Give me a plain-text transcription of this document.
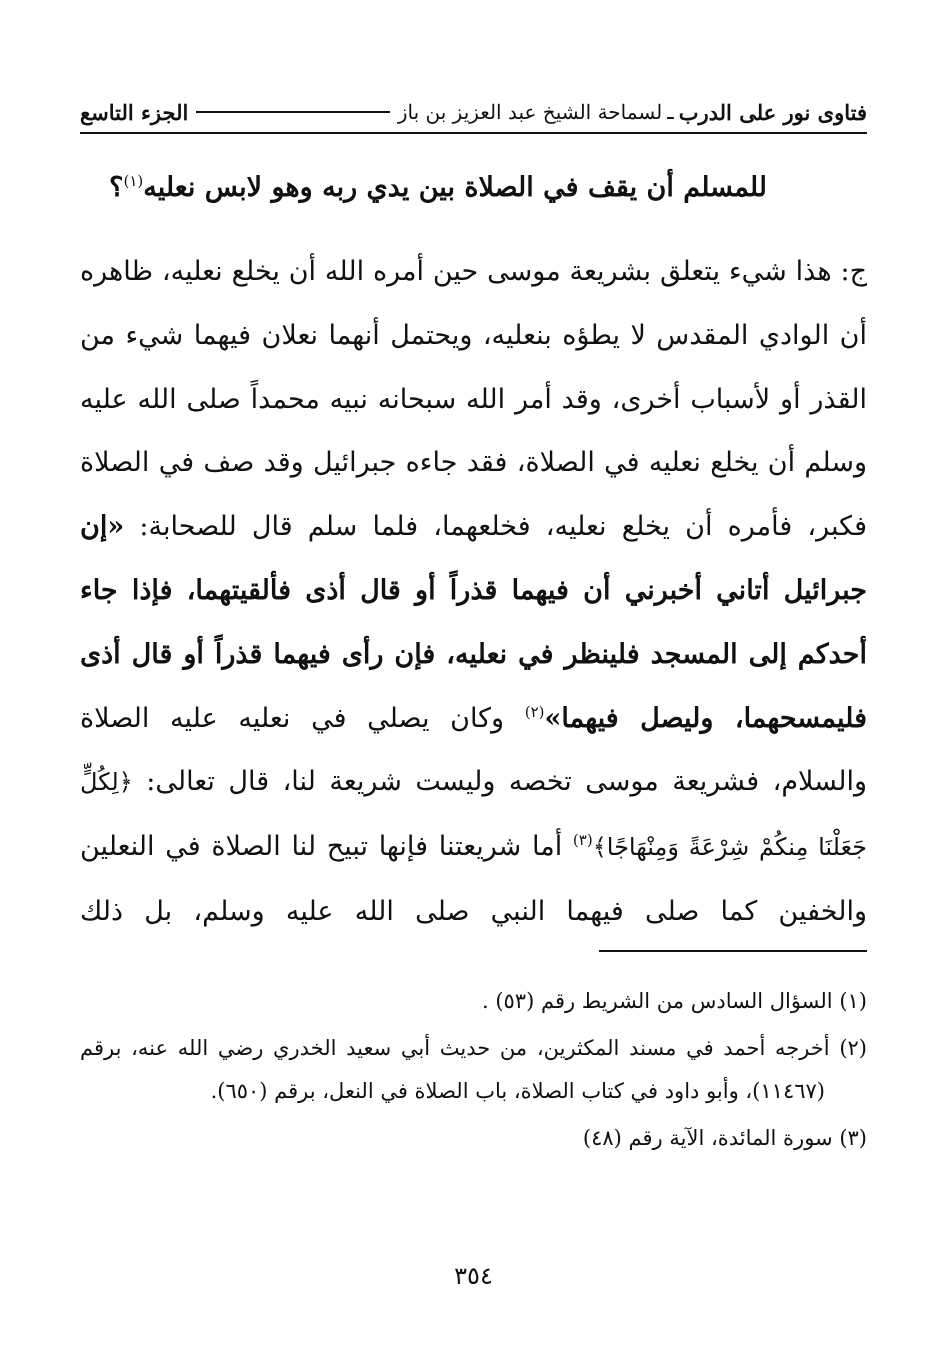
فتاوى نور على الدرب
ـ
لسماحة الشيخ عبد العزيز بن باز
الجزء التاسع
للمسلم أن يقف في الصلاة بين يدي ربه وهو لابس نعليه$^{(١)}$؟
ج: هذا شيء يتعلق بشريعة موسى حين أمره الله أن يخلع نعليه، ظاهره أن الوادي المقدس لا يطؤه بنعليه، ويحتمل أنهما نعلان فيهما شيء من القذر أو لأسباب أخرى، وقد أمر الله سبحانه نبيه محمداً صلى الله عليه وسلم أن يخلع نعليه في الصلاة، فقد جاءه جبرائيل وقد صف في الصلاة فكبر، فأمره أن يخلع نعليه، فخلعهما، فلما سلم قال للصحابة: «إن جبرائيل أتاني أخبرني أن فيهما قذراً أو قال أذى فألقيتهما، فإذا جاء أحدكم إلى المسجد فلينظر في نعليه، فإن رأى فيهما قذراً أو قال أذى فليمسحهما، وليصل فيهما»$^{(٢)}$ وكان يصلي في نعليه عليه الصلاة والسلام، فشريعة موسى تخصه وليست شريعة لنا، قال تعالى: ﴿لِكُلٍّ جَعَلْنَا مِنكُمْ شِرْعَةً وَمِنْهَاجًا﴾$^{(٣)}$ أما شريعتنا فإنها تبيح لنا الصلاة في النعلين والخفين كما صلى فيهما النبي صلى الله عليه وسلم، بل ذلك

(١) السؤال السادس من الشريط رقم (٥٣) .

(٢) أخرجه أحمد في مسند المكثرين، من حديث أبي سعيد الخدري رضي الله عنه، برقم (١١٤٦٧)، وأبو داود في كتاب الصلاة، باب الصلاة في النعل، برقم (٦٥٠).

(٣) سورة المائدة، الآية رقم (٤٨)

٣٥٤
